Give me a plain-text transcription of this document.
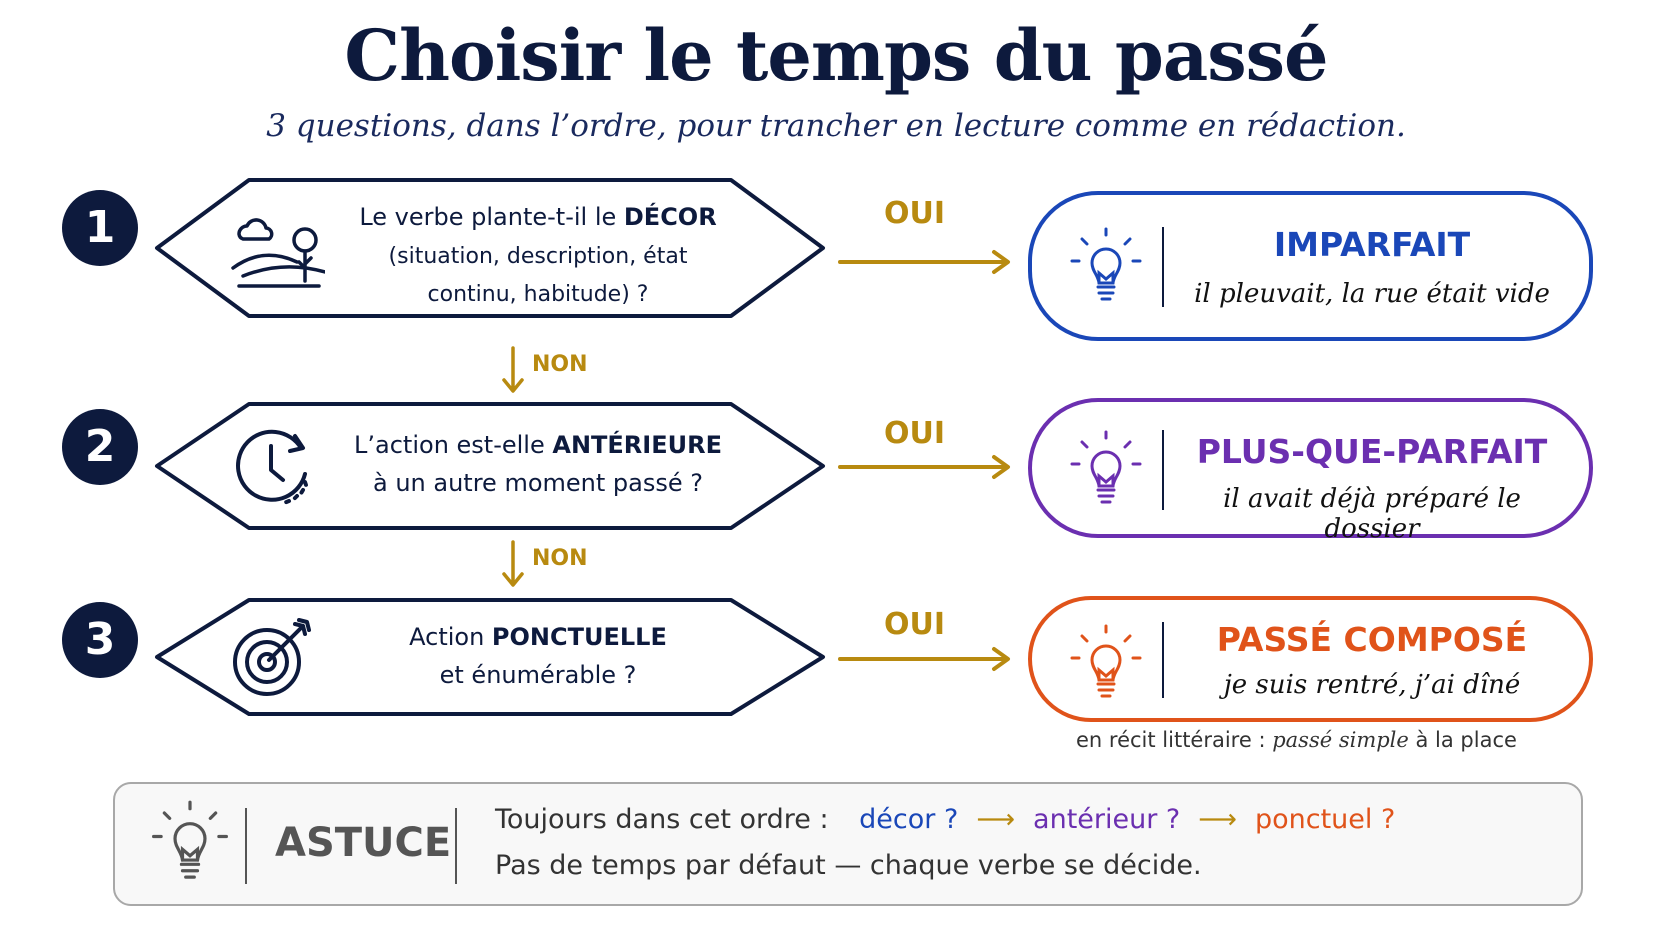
Choisir le temps du passé
3 questions, dans l’ordre, pour trancher en lecture comme en rédaction.
1	Le verbe plante-t-il le DÉCOR
(situation, description, état continu, habitude) ?
OUI
IMPARFAIT
il pleuvait, la rue était vide
NON
2	L’action est-elle ANTÉRIEURE
à un autre moment passé ?
OUI	PLUS-QUE-PARFAIT
il avait déjà préparé le dossier
NON
3	Action PONCTUELLE
et énumérable ?
OUI	PASSÉ COMPOSÉ
je suis rentré, j’ai dîné
en récit littéraire : passé simple à la place
ASTUCE
Toujours dans cet ordre : décor ? ⟶ antérieur ? ⟶ ponctuel ?
Pas de temps par défaut — chaque verbe se décide.
